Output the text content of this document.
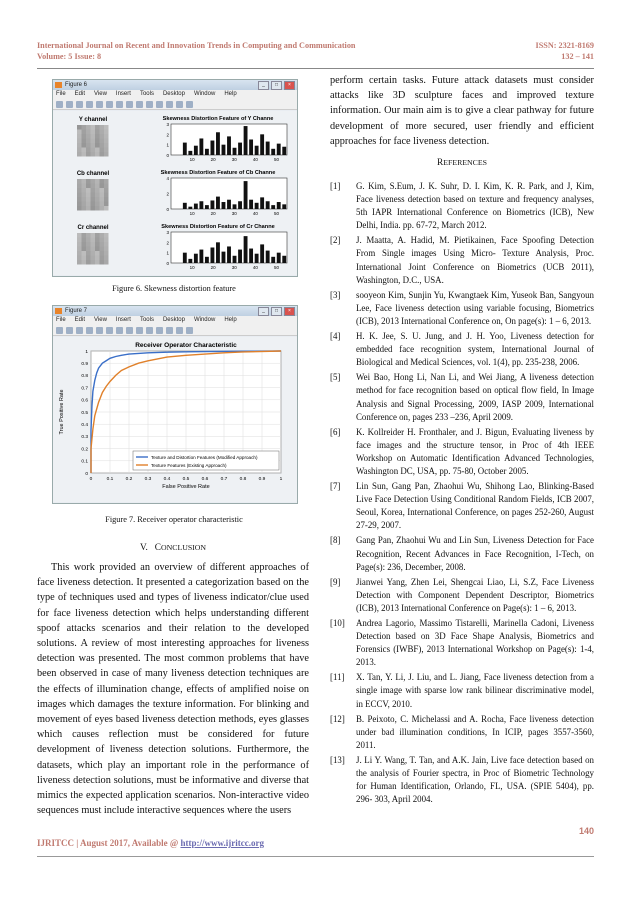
International Journal on Recent and Innovation Trends in Computing and Communication
Volume: 5 Issue: 8
ISSN: 2321-8169
132 – 141
Figure 6	_	□	×
File Edit View Insert Tools Desktop Window Help
Y channel	Skewness Distortion Feature of Y Channe
3
2
1
0
10	20	30	40	50
Cb channel	Skewness Distortion Feature of Cb Channe
4
2
0
10	20	30	40	50
Cr channel	Skewness Distortion Feature of Cr Channe
3
2
1
0
10	20	30	40	50
Figure 6. Skewness distortion feature
Figure 7	_	□	×
File Edit View Insert Tools Desktop Window Help
Receiver Operator Characteristic
0	0.1	0.2	0.3	0.4	0.5	0.6	0.7	0.8	0.9	1
0
0.1
0.2
0.3
0.4
0.5
0.6
0.7
0.8
0.9
1
False Positive Rate
True Positive Rate
Texture and Distortion Features (Modified Approach)
Texture Features (Existing Approach)
Figure 7. Receiver operator characteristic
V. CONCLUSION
This work provided an overview of different approaches of face liveness detection. It presented a categorization based on the type of techniques used and types of liveness indicator/clue used for face liveness detection which helps understanding different spoof attacks scenarios and their relation to the developed solutions. A review of most interesting approaches for liveness detection was presented. The most common problems that have been observed in case of many liveness detection techniques are the effects of illumination change, effects of amplified noise on images which damages the texture information. For blinking and movement of eyes based liveness detection methods, eyes glasses which causes reflection must be considered for future development of liveness detection solutions. Furthermore, the datasets, which play an important role in the performance of liveness detection solutions, must be informative and diverse that mimics the expected application scenarios. Non-interactive video sequences must include interactive sequences where the users
perform certain tasks. Future attack datasets must consider attacks like 3D sculpture faces and improved texture information. Our main aim is to give a clear pathway for future development of more secured, user friendly and efficient approaches for face liveness detection.
REFERENCES
[1] G. Kim, S.Eum, J. K. Suhr, D. I. Kim, K. R. Park, and J, Kim, Face liveness detection based on texture and frequency analyses, 5th IAPR International Conference on Biometrics (ICB), New Delhi, India. pp. 67-72, March 2012.
[2] J. Maatta, A. Hadid, M. Pietikainen, Face Spoofing Detection From Single images Using Micro- Texture Analysis, Proc. International Joint Conference on Biometrics (UCB 2011), Washington, D.C., USA.
[3] sooyeon Kim, Sunjin Yu, Kwangtaek Kim, Yuseok Ban, Sangyoun Lee, Face liveness detection using variable focusing, Biometrics (ICB), 2013 International Conference on, On page(s): 1 – 6, 2013.
[4] H. K. Jee, S. U. Jung, and J. H. Yoo, Liveness detection for embedded face recognition system, International Journal of Biological and Medical Sciences, vol. 1(4), pp. 235-238, 2006.
[5] Wei Bao, Hong Li, Nan Li, and Wei Jiang, A liveness detection method for face recognition based on optical flow field, In Image Analysis and Signal Processing, 2009, IASP 2009, International Conference on, pages 233 –236, April 2009.
[6] K. Kollreider H. Fronthaler, and J. Bigun, Evaluating liveness by face images and the structure tensor, in Proc of 4th IEEE Workshop on Automatic Identification Advanced Technologies, Washington DC, USA, pp. 75-80, October 2005.
[7] Lin Sun, Gang Pan, Zhaohui Wu, Shihong Lao, Blinking-Based Live Face Detection Using Conditional Random Fields, ICB 2007, Seoul, Korea, International Conference, on pages 252-260, August 27-29, 2007.
[8] Gang Pan, Zhaohui Wu and Lin Sun, Liveness Detection for Face Recognition, Recent Advances in Face Recognition, I-Tech, on Page(s): 236, December, 2008.
[9] Jianwei Yang, Zhen Lei, Shengcai Liao, Li, S.Z, Face Liveness Detection with Component Dependent Descriptor, Biometrics (ICB), 2013 International Conference on Page(s): 1 – 6, 2013.
[10] Andrea Lagorio, Massimo Tistarelli, Marinella Cadoni, Liveness Detection based on 3D Face Shape Analysis, Biometrics and Forensics (IWBF), 2013 International Workshop on Page(s): 1-4, 2013.
[11] X. Tan, Y. Li, J. Liu, and L. Jiang, Face liveness detection from a single image with sparse low rank bilinear discriminative model, in ECCV, 2010.
[12] B. Peixoto, C. Michelassi and A. Rocha, Face liveness detection under bad illumination conditions, In ICIP, pages 3557-3560, 2011.
[13] J. Li Y. Wang, T. Tan, and A.K. Jain, Live face detection based on the analysis of Fourier spectra, in Proc of Biometric Technology for Human Identification, Orlando, FL, USA. (SPIE 5404), pp. 296- 303, April 2004.
140
IJRITCC | August 2017, Available @ http://www.ijritcc.org
